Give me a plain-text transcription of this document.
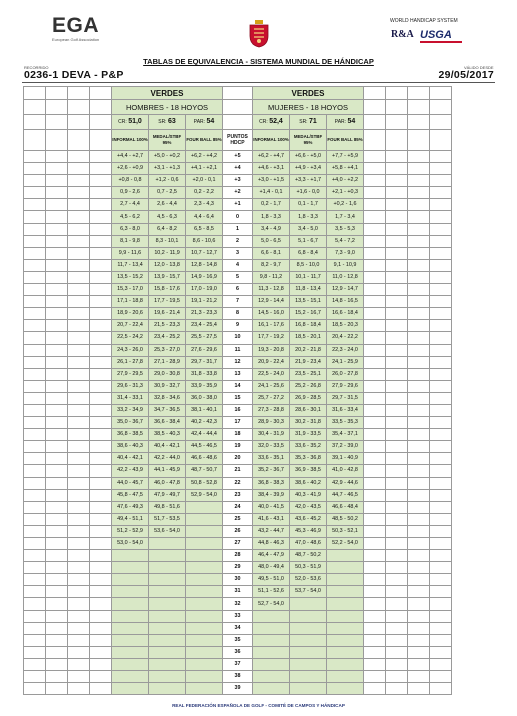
EGA
European Golf Association
WORLD HANDICAP SYSTEM
R&A USGA
TABLAS DE EQUIVALENCIA - SISTEMA MUNDIAL DE HÁNDICAP
RECORRIDO	VÁLIDO DESDE
0236-1 DEVA - P&P	29/05/2017
				VERDES				VERDES						
				HOMBRES - 18 HOYOS				MUJERES - 18 HOYOS						
				CR: 51,0	SR: 63	PAR: 54		CR: 52,4	SR: 71	PAR: 54				
				INFORMAL 100%	MEDAL/STBF 95%	FOUR BALL 85%	PUNTOS HDCP	INFORMAL 100%	MEDAL/STBF 95%	FOUR BALL 85%				
				+4,4 - +2,7	+5,0 - +0,2	+6,2 - +4,2	+5	+6,2 - +4,7	+6,6 - +5,0	+7,7 - +5,9				
				+2,6 - +0,9	+3,1 - +1,3	+4,1 - +2,1	+4	+4,6 - +3,1	+4,9 - +3,4	+5,8 - +4,1				
				+0,8 - 0,8	+1,2 - 0,6	+2,0 - 0,1	+3	+3,0 - +1,5	+3,3 - +1,7	+4,0 - +2,2				
				0,9 - 2,6	0,7 - 2,5	0,2 - 2,2	+2	+1,4 - 0,1	+1,6 - 0,0	+2,1 - +0,3				
				2,7 - 4,4	2,6 - 4,4	2,3 - 4,3	+1	0,2 - 1,7	0,1 - 1,7	+0,2 - 1,6				
				4,5 - 6,2	4,5 - 6,3	4,4 - 6,4	0	1,8 - 3,3	1,8 - 3,3	1,7 - 3,4				
				6,3 - 8,0	6,4 - 8,2	6,5 - 8,5	1	3,4 - 4,9	3,4 - 5,0	3,5 - 5,3				
				8,1 - 9,8	8,3 - 10,1	8,6 - 10,6	2	5,0 - 6,5	5,1 - 6,7	5,4 - 7,2				
				9,9 - 11,6	10,2 - 11,9	10,7 - 12,7	3	6,6 - 8,1	6,8 - 8,4	7,3 - 9,0				
				11,7 - 13,4	12,0 - 13,8	12,8 - 14,8	4	8,2 - 9,7	8,5 - 10,0	9,1 - 10,9				
				13,5 - 15,2	13,9 - 15,7	14,9 - 16,9	5	9,8 - 11,2	10,1 - 11,7	11,0 - 12,8				
				15,3 - 17,0	15,8 - 17,6	17,0 - 19,0	6	11,3 - 12,8	11,8 - 13,4	12,9 - 14,7				
				17,1 - 18,8	17,7 - 19,5	19,1 - 21,2	7	12,9 - 14,4	13,5 - 15,1	14,8 - 16,5				
				18,9 - 20,6	19,6 - 21,4	21,3 - 23,3	8	14,5 - 16,0	15,2 - 16,7	16,6 - 18,4				
				20,7 - 22,4	21,5 - 23,3	23,4 - 25,4	9	16,1 - 17,6	16,8 - 18,4	18,5 - 20,3				
				22,5 - 24,2	23,4 - 25,2	25,5 - 27,5	10	17,7 - 19,2	18,5 - 20,1	20,4 - 22,2				
				24,3 - 26,0	25,3 - 27,0	27,6 - 29,6	11	19,3 - 20,8	20,2 - 21,8	22,3 - 24,0				
				26,1 - 27,8	27,1 - 28,9	29,7 - 31,7	12	20,9 - 22,4	21,9 - 23,4	24,1 - 25,9				
				27,9 - 29,5	29,0 - 30,8	31,8 - 33,8	13	22,5 - 24,0	23,5 - 25,1	26,0 - 27,8				
				29,6 - 31,3	30,9 - 32,7	33,9 - 35,9	14	24,1 - 25,6	25,2 - 26,8	27,9 - 29,6				
				31,4 - 33,1	32,8 - 34,6	36,0 - 38,0	15	25,7 - 27,2	26,9 - 28,5	29,7 - 31,5				
				33,2 - 34,9	34,7 - 36,5	38,1 - 40,1	16	27,3 - 28,8	28,6 - 30,1	31,6 - 33,4				
				35,0 - 36,7	36,6 - 38,4	40,2 - 42,3	17	28,9 - 30,3	30,2 - 31,8	33,5 - 35,3				
				36,8 - 38,5	38,5 - 40,3	42,4 - 44,4	18	30,4 - 31,9	31,9 - 33,5	35,4 - 37,1				
				38,6 - 40,3	40,4 - 42,1	44,5 - 46,5	19	32,0 - 33,5	33,6 - 35,2	37,2 - 39,0				
				40,4 - 42,1	42,2 - 44,0	46,6 - 48,6	20	33,6 - 35,1	35,3 - 36,8	39,1 - 40,9				
				42,2 - 43,9	44,1 - 45,9	48,7 - 50,7	21	35,2 - 36,7	36,9 - 38,5	41,0 - 42,8				
				44,0 - 45,7	46,0 - 47,8	50,8 - 52,8	22	36,8 - 38,3	38,6 - 40,2	42,9 - 44,6				
				45,8 - 47,5	47,9 - 49,7	52,9 - 54,0	23	38,4 - 39,9	40,3 - 41,9	44,7 - 46,5				
				47,6 - 49,3	49,8 - 51,6		24	40,0 - 41,5	42,0 - 43,5	46,6 - 48,4				
				49,4 - 51,1	51,7 - 53,5		25	41,6 - 43,1	43,6 - 45,2	48,5 - 50,2				
				51,2 - 52,9	53,6 - 54,0		26	43,2 - 44,7	45,3 - 46,9	50,3 - 52,1				
				53,0 - 54,0			27	44,8 - 46,3	47,0 - 48,6	52,2 - 54,0				
							28	46,4 - 47,9	48,7 - 50,2					
							29	48,0 - 49,4	50,3 - 51,9					
							30	49,5 - 51,0	52,0 - 53,6					
							31	51,1 - 52,6	53,7 - 54,0					
							32	52,7 - 54,0						
							33							
							34							
							35							
							36							
							37							
							38							
							39							
REAL FEDERACIÓN ESPAÑOLA DE GOLF - COMITÉ DE CAMPOS Y HÁNDICAP
